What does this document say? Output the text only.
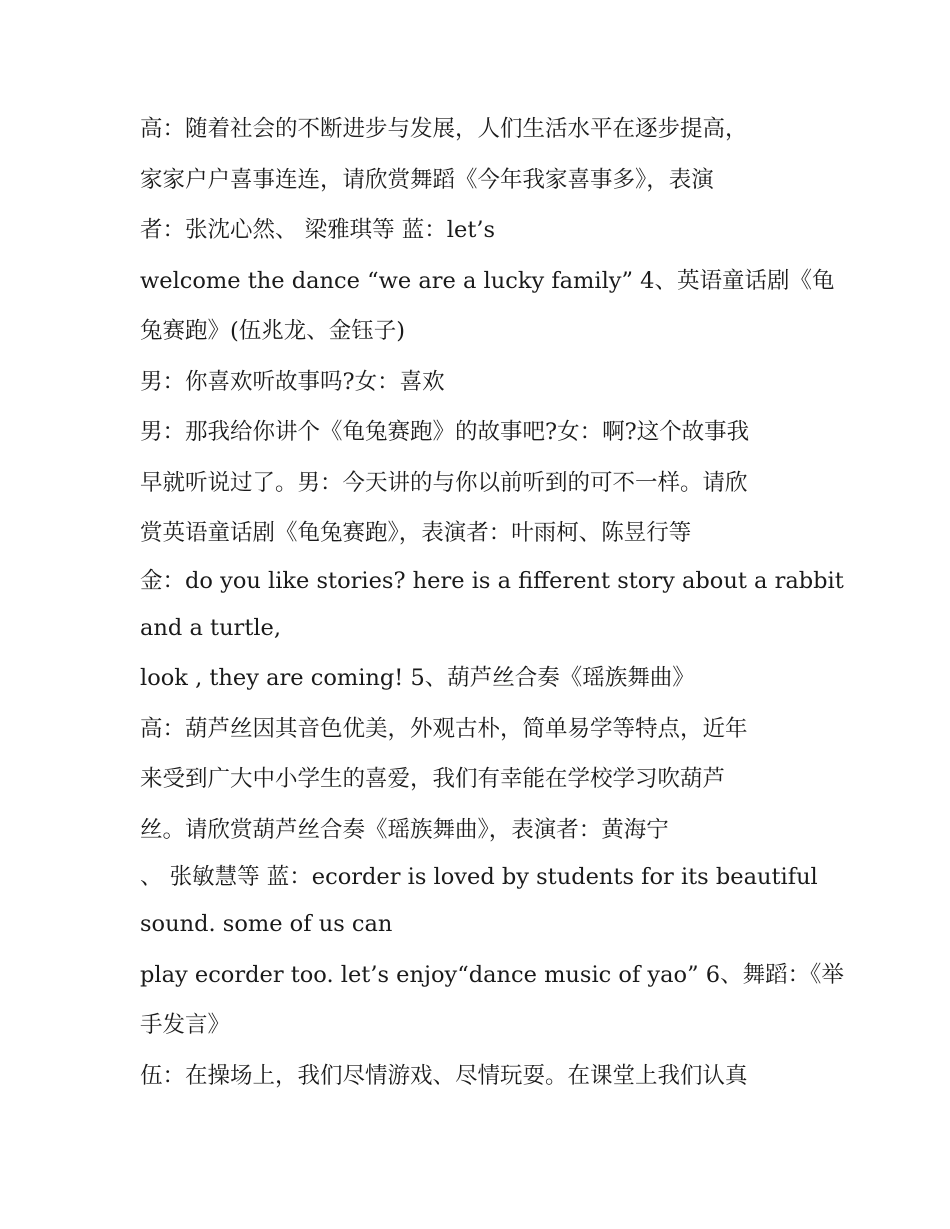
高：随着社会的不断进步与发展，人们生活水平在逐步提高，
家家户户喜事连连，请欣赏舞蹈《今年我家喜事多》，表演
者：张沈心然、 梁雅琪等 蓝：let’s
welcome the dance “we are a lucky family” 4、英语童话剧《龟
兔赛跑》(伍兆龙、金钰子)
男：你喜欢听故事吗?女：喜欢
男：那我给你讲个《龟兔赛跑》的故事吧?女：啊?这个故事我
早就听说过了。男：今天讲的与你以前听到的可不一样。请欣
赏英语童话剧《龟兔赛跑》，表演者：叶雨柯、陈昱行等
金：do you like stories? here is a fifferent story about a rabbit
and a turtle,
look , they are coming! 5、葫芦丝合奏《瑶族舞曲》
高：葫芦丝因其音色优美，外观古朴，简单易学等特点，近年
来受到广大中小学生的喜爱，我们有幸能在学校学习吹葫芦
丝。请欣赏葫芦丝合奏《瑶族舞曲》，表演者：黄海宁
、 张敏慧等 蓝：ecorder is loved by students for its beautiful
sound. some of us can
play ecorder too. let’s enjoy“dance music of yao” 6、舞蹈：《举
手发言》
伍：在操场上，我们尽情游戏、尽情玩耍。在课堂上我们认真
